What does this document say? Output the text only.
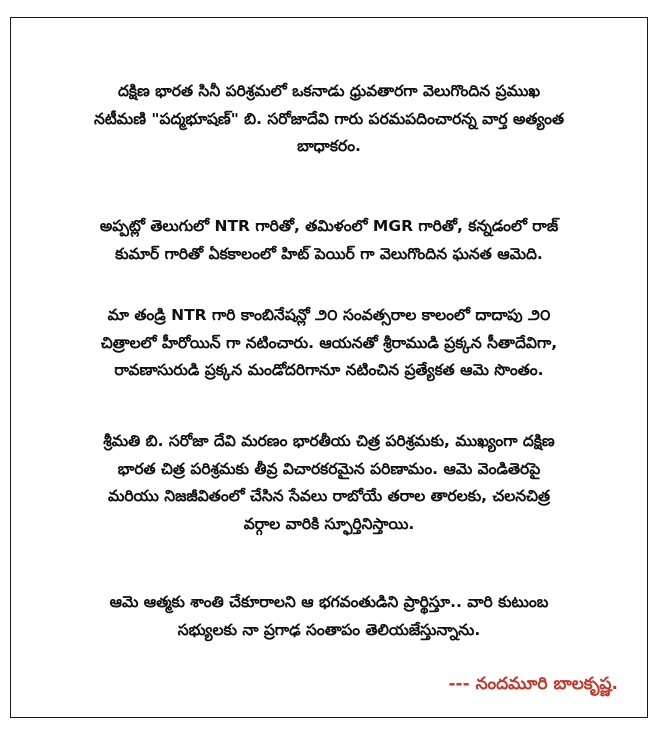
దక్షిణ భారత సినీ పరిశ్రమలో ఒకనాడు ధ్రువతారగా వెలుగొందిన ప్రముఖ
నటీమణి "పద్మభూషణ్" బి. సరోజాదేవి గారు పరమపదించారన్న వార్త అత్యంత
బాధాకరం.

అప్పట్లో తెలుగులో NTR గారితో, తమిళంలో MGR గారితో, కన్నడంలో రాజ్
కుమార్ గారితో ఏకకాలంలో హిట్ పెయిర్ గా వెలుగొందిన ఘనత ఆమెది.

మా తండ్రి NTR గారి కాంబినేషన్లో ౨౦ సంవత్సరాల కాలంలో దాదాపు ౨౦
చిత్రాలలో హీరోయిన్ గా నటించారు. ఆయనతో శ్రీరాముడి ప్రక్కన సీతాదేవిగా,
రావణాసురుడి ప్రక్కన మండోదరిగానూ నటించిన ప్రత్యేకత ఆమె సొంతం.

శ్రీమతి బి. సరోజా దేవి మరణం భారతీయ చిత్ర పరిశ్రమకు, ముఖ్యంగా దక్షిణ
భారత చిత్ర పరిశ్రమకు తీవ్ర విచారకరమైన పరిణామం. ఆమె వెండితెరపై
మరియు నిజజీవితంలో చేసిన సేవలు రాబోయే తరాల తారలకు, చలనచిత్ర
వర్గాల వారికి స్ఫూర్తినిస్తాయి.

ఆమె ఆత్మకు శాంతి చేకూరాలని ఆ భగవంతుడిని ప్రార్థిస్తూ.. వారి కుటుంబ
సభ్యులకు నా ప్రగాఢ సంతాపం తెలియజేస్తున్నాను.

--- నందమూరి బాలకృష్ణ.
